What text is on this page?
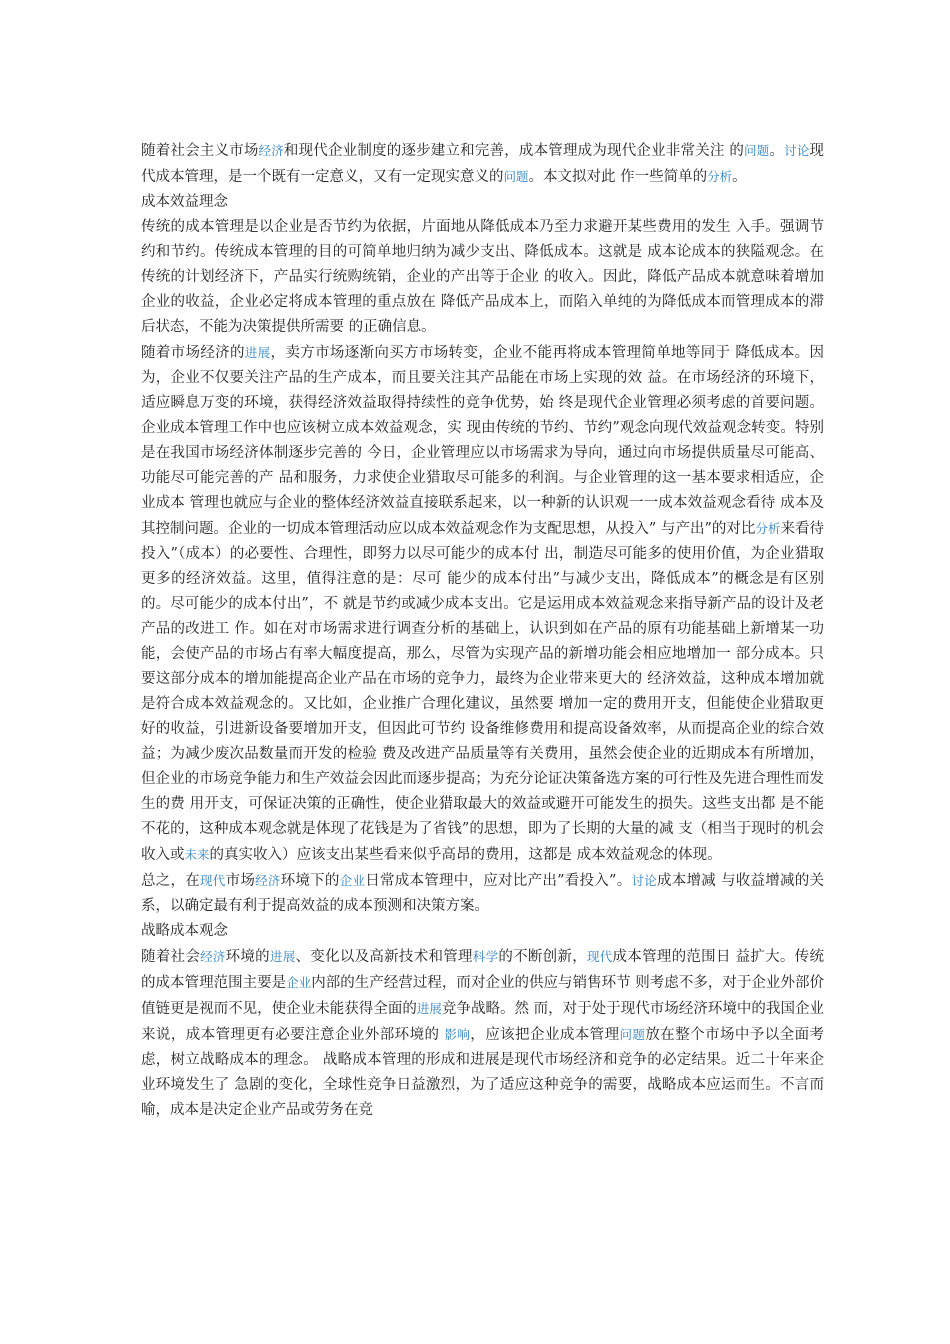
随着社会主义市场经济和现代企业制度的逐步建立和完善，成本管理成为现代企业非常关注 的问题。讨论现代成本管理，是一个既有一定意义，又有一定现实意义的问题。本文拟对此 作一些简单的分析。

成本效益理念

传统的成本管理是以企业是否节约为依据，片面地从降低成本乃至力求避开某些费用的发生 入手。强调节约和节约。传统成本管理的目的可简单地归纳为减少支出、降低成本。这就是 成本论成本的狭隘观念。在传统的计划经济下，产品实行统购统销，企业的产出等于企业 的收入。因此，降低产品成本就意味着增加企业的收益，企业必定将成本管理的重点放在 降低产品成本上，而陷入单纯的为降低成本而管理成本的滞后状态，不能为决策提供所需要 的正确信息。

随着市场经济的进展，卖方市场逐渐向买方市场转变，企业不能再将成本管理简单地等同于 降低成本。因为，企业不仅要关注产品的生产成本，而且要关注其产品能在市场上实现的效 益。在市场经济的环境下，适应瞬息万变的环境，获得经济效益取得持续性的竞争优势，始 终是现代企业管理必须考虑的首要问题。企业成本管理工作中也应该树立成本效益观念，实 现由传统的节约、节约”观念向现代效益观念转变。特别是在我国市场经济体制逐步完善的 今日，企业管理应以市场需求为导向，通过向市场提供质量尽可能高、功能尽可能完善的产 品和服务，力求使企业猎取尽可能多的利润。与企业管理的这一基本要求相适应，企业成本 管理也就应与企业的整体经济效益直接联系起来，以一种新的认识观一一成本效益观念看待 成本及其控制问题。企业的一切成本管理活动应以成本效益观念作为支配思想，从投入” 与产出”的对比分析来看待投入”（成本）的必要性、合理性，即努力以尽可能少的成本付 出，制造尽可能多的使用价值，为企业猎取更多的经济效益。这里，值得注意的是：尽可 能少的成本付出”与减少支出，降低成本”的概念是有区别的。尽可能少的成本付出”，不 就是节约或减少成本支出。它是运用成本效益观念来指导新产品的设计及老产品的改进工 作。如在对市场需求进行调查分析的基础上，认识到如在产品的原有功能基础上新增某一功 能，会使产品的市场占有率大幅度提高，那么，尽管为实现产品的新增功能会相应地增加一 部分成本。只要这部分成本的增加能提高企业产品在市场的竞争力，最终为企业带来更大的 经济效益，这种成本增加就是符合成本效益观念的。又比如，企业推广合理化建议，虽然要 增加一定的费用开支，但能使企业猎取更好的收益，引进新设备要增加开支，但因此可节约 设备维修费用和提高设备效率，从而提高企业的综合效益；为减少废次品数量而开发的检验 费及改进产品质量等有关费用，虽然会使企业的近期成本有所增加，但企业的市场竞争能力和生产效益会因此而逐步提高；为充分论证决策备选方案的可行性及先进合理性而发生的费 用开支，可保证决策的正确性，使企业猎取最大的效益或避开可能发生的损失。这些支出都 是不能不花的，这种成本观念就是体现了花钱是为了省钱”的思想，即为了长期的大量的减 支（相当于现时的机会收入或未来的真实收入）应该支出某些看来似乎高昂的费用，这都是 成本效益观念的体现。

总之，在现代市场经济环境下的企业日常成本管理中，应对比产出”看投入”。讨论成本增减 与收益增减的关系，以确定最有利于提高效益的成本预测和决策方案。

战略成本观念

随着社会经济环境的进展、变化以及高新技术和管理科学的不断创新，现代成本管理的范围日 益扩大。传统的成本管理范围主要是企业内部的生产经营过程，而对企业的供应与销售环节 则考虑不多，对于企业外部价值链更是视而不见，使企业未能获得全面的进展竞争战略。然 而，对于处于现代市场经济环境中的我国企业来说，成本管理更有必要注意企业外部环境的 影响，应该把企业成本管理问题放在整个市场中予以全面考虑，树立战略成本的理念。 战略成本管理的形成和进展是现代市场经济和竞争的必定结果。近二十年来企业环境发生了 急剧的变化，全球性竞争日益激烈，为了适应这种竞争的需要，战略成本应运而生。不言而 喻，成本是决定企业产品或劳务在竞
